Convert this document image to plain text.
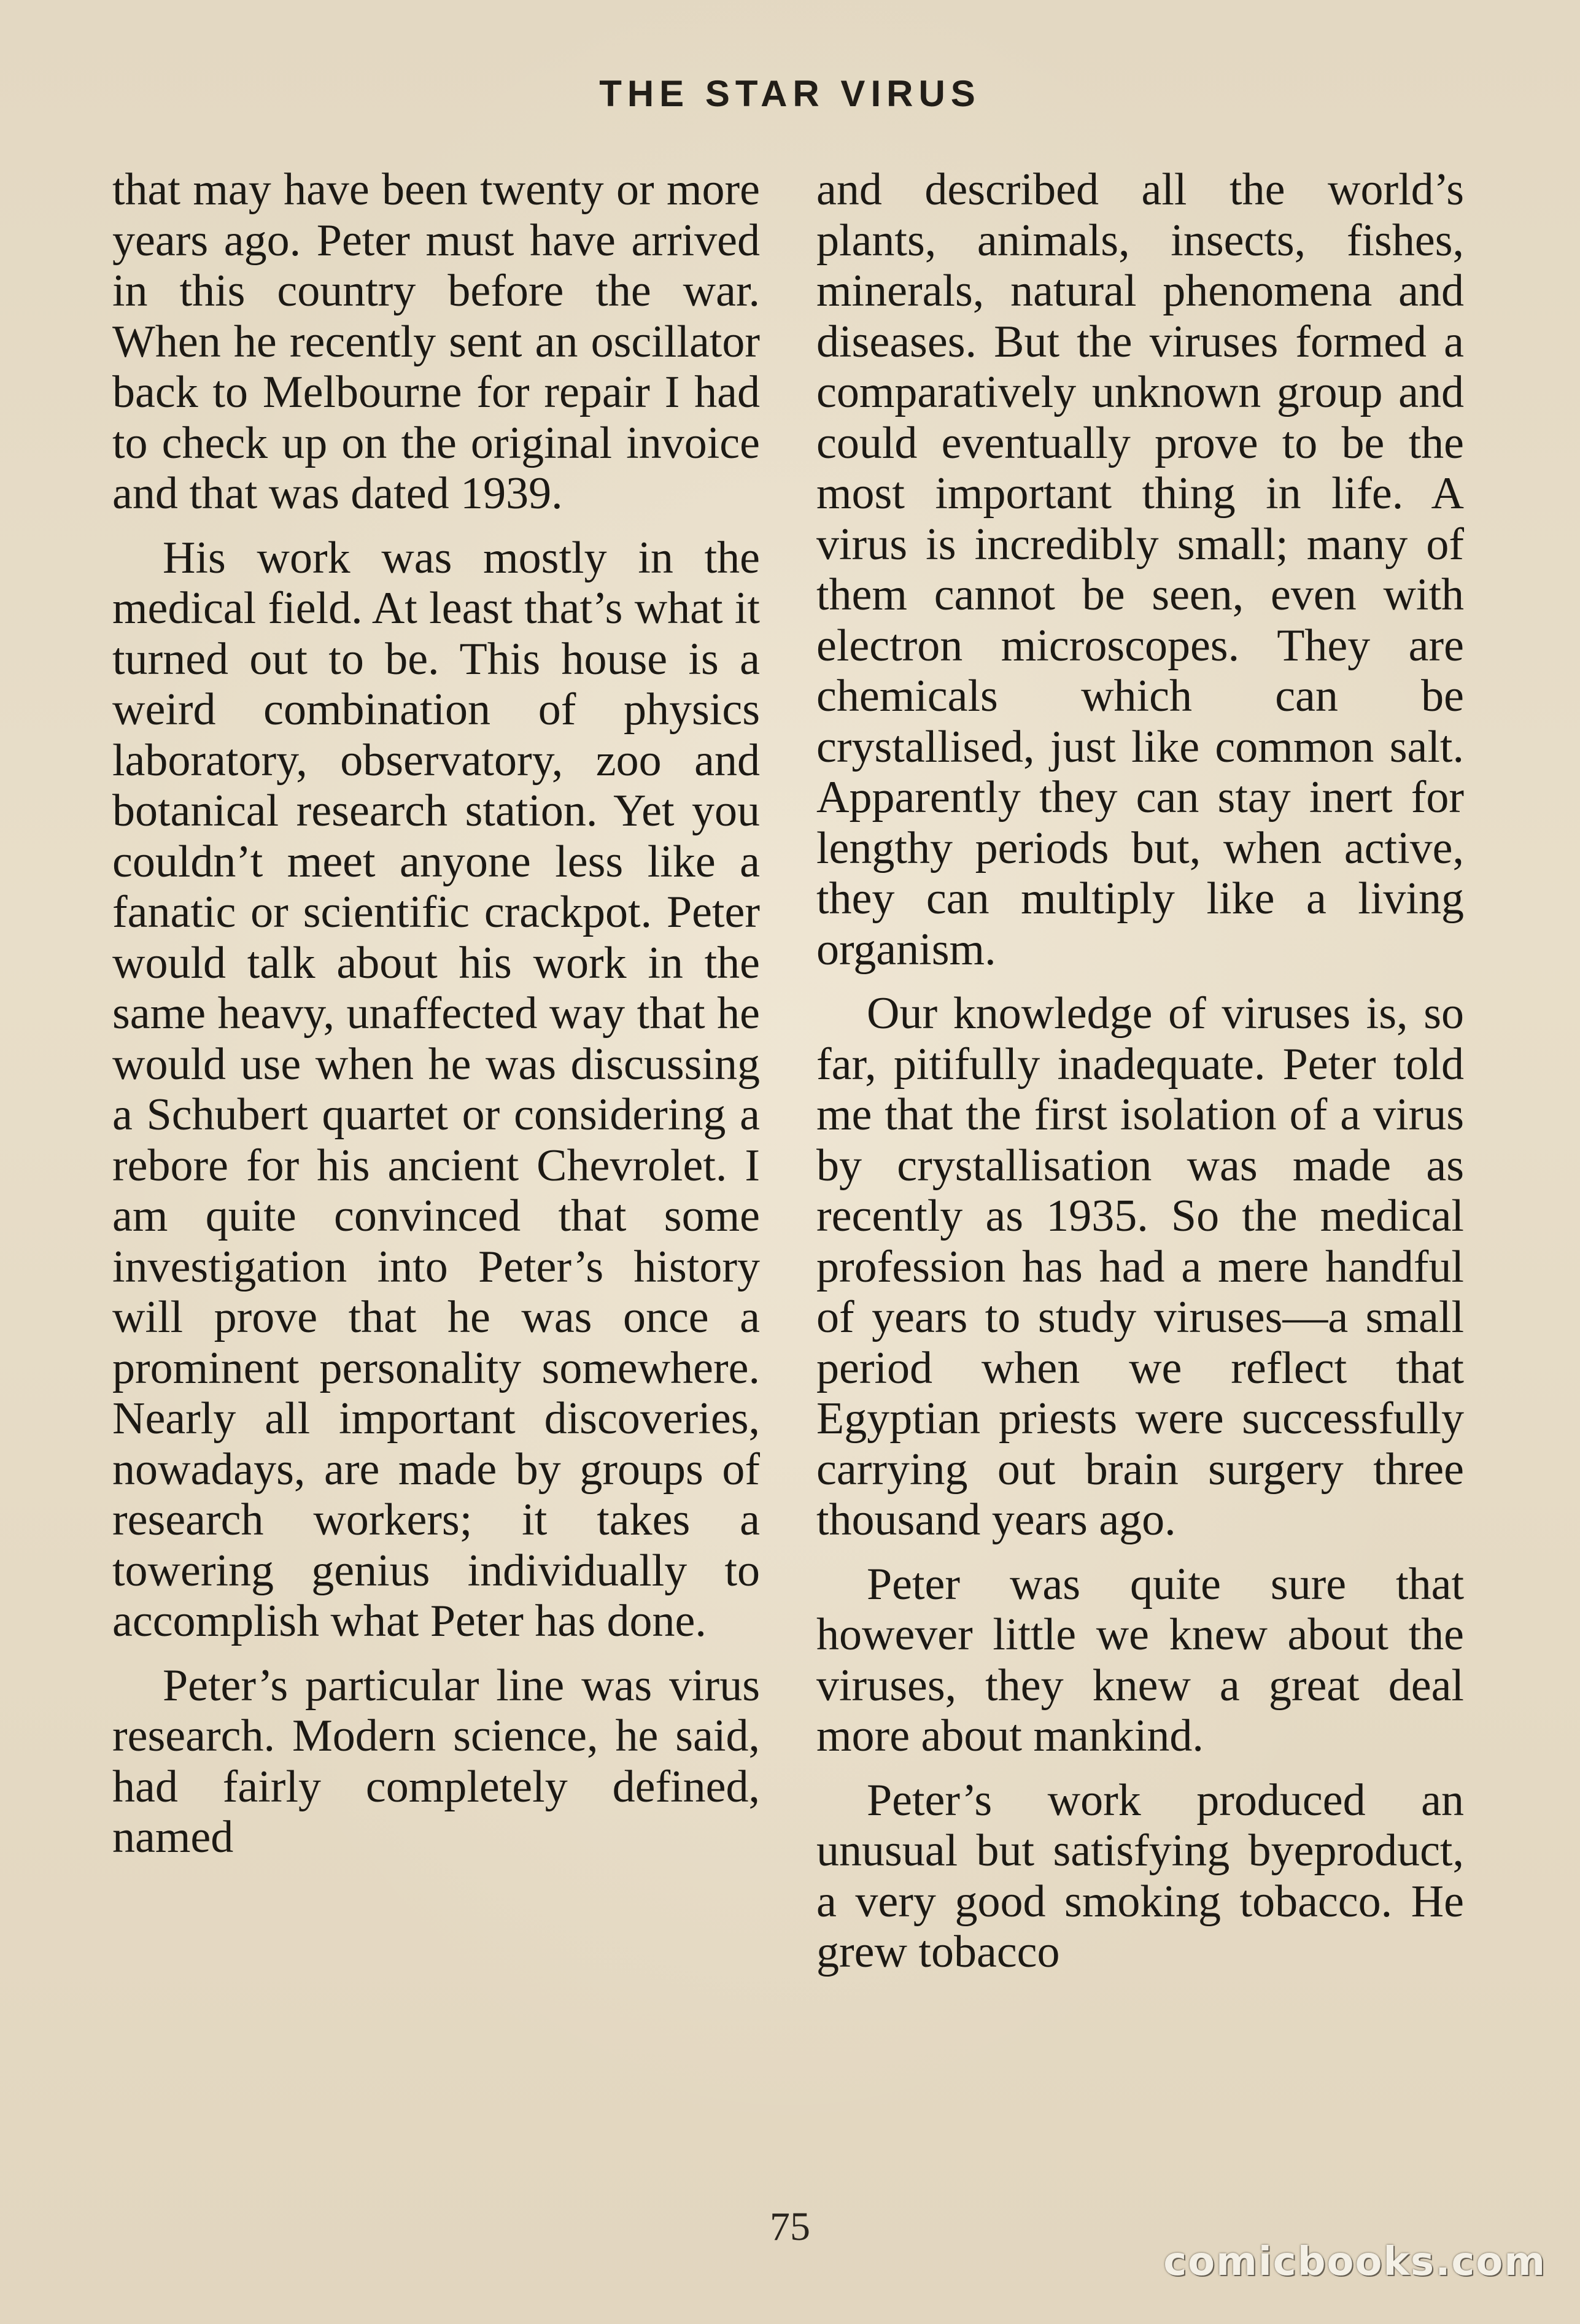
THE STAR VIRUS

that may have been twenty or more years ago. Peter must have arrived in this country before the war. When he recently sent an oscillator back to Melbourne for repair I had to check up on the original invoice and that was dated 1939.

His work was mostly in the medical field. At least that’s what it turned out to be. This house is a weird combination of physics laboratory, observatory, zoo and botanical research station. Yet you couldn’t meet anyone less like a fanatic or scientific crackpot. Peter would talk about his work in the same heavy, unaffected way that he would use when he was discussing a Schubert quartet or considering a rebore for his ancient Chevrolet. I am quite convinced that some investigation into Peter’s history will prove that he was once a prominent personality somewhere. Nearly all important discoveries, nowadays, are made by groups of research workers; it takes a towering genius individually to accomplish what Peter has done.

Peter’s particular line was virus research. Modern science, he said, had fairly completely defined, named

and described all the world’s plants, animals, insects, fishes, minerals, natural phenomena and diseases. But the viruses formed a comparatively unknown group and could eventually prove to be the most important thing in life. A virus is incredibly small; many of them cannot be seen, even with electron microscopes. They are chemicals which can be crystallised, just like common salt. Apparently they can stay inert for lengthy periods but, when active, they can multiply like a living organism.

Our knowledge of viruses is, so far, pitifully inadequate. Peter told me that the first isolation of a virus by crystallisation was made as recently as 1935. So the medical profession has had a mere handful of years to study viruses—a small period when we reflect that Egyptian priests were successfully carrying out brain surgery three thousand years ago.

Peter was quite sure that however little we knew about the viruses, they knew a great deal more about mankind.

Peter’s work produced an unusual but satisfying byeproduct, a very good smoking tobacco. He grew tobacco

75
comicbooks.com
